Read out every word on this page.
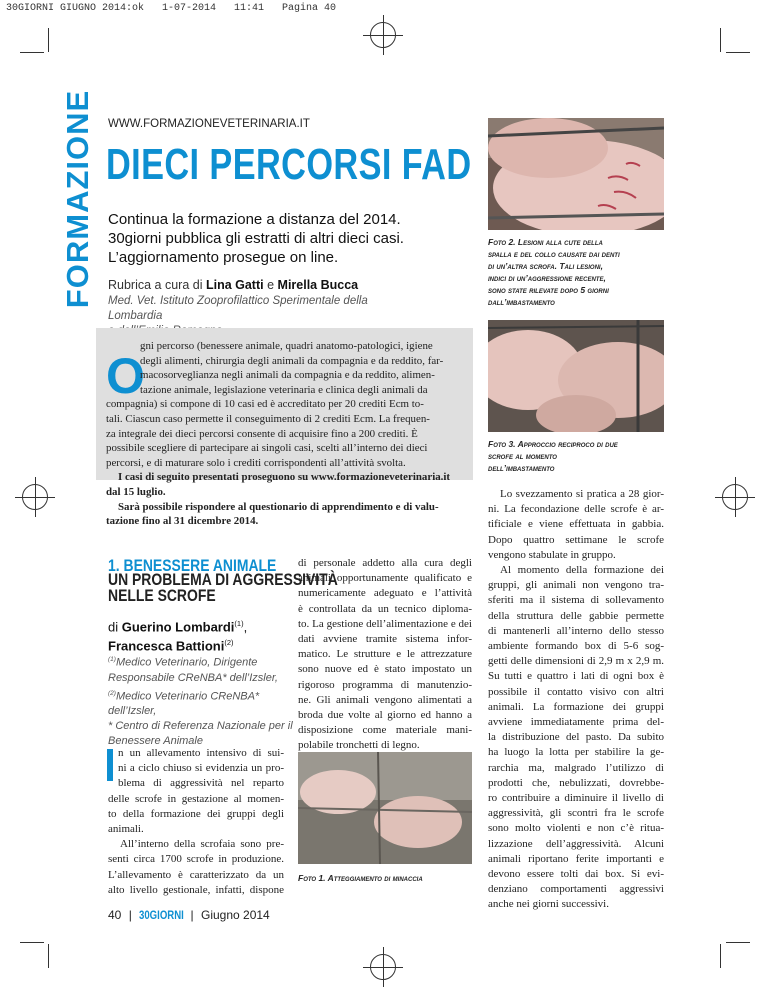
30GIORNI GIUGNO 2014:ok   1-07-2014   11:41   Pagina 40
FORMAZIONE WWW.FORMAZIONEVETERINARIA.IT
DIECI PERCORSI FAD
Continua la formazione a distanza del 2014.
30giorni pubblica gli estratti di altri dieci casi.
L’aggiornamento prosegue on line.
Rubrica a cura di Lina Gatti e Mirella Bucca
Med. Vet. Istituto Zooprofilattico Sperimentale della Lombardia
O
gni percorso (benessere animale, quadri anatomo-patologici, igiene
degli alimenti, chirurgia degli animali da compagnia e da reddito, far-
macosorveglianza negli animali da compagnia e da reddito, alimen-
tazione animale, legislazione veterinaria e clinica degli animali da
compagnia) si compone di 10 casi ed è accreditato per 20 crediti Ecm to-
tali. Ciascun caso permette il conseguimento di 2 crediti Ecm. La frequen-
za integrale dei dieci percorsi consente di acquisire fino a 200 crediti. È
possibile scegliere di partecipare ai singoli casi, scelti all’interno dei dieci
percorsi, e di maturare solo i crediti corrispondenti all’attività svolta.
I casi di seguito presentati proseguono su www.formazioneveterinaria.it
dal 15 luglio.
Sarà possibile rispondere al questionario di apprendimento e di valu-
tazione fino al 31 dicembre 2014.
Foto 2. Lesioni alla cute della
spalla e del collo causate dai denti
di un’altra scrofa. Tali lesioni,
indici di un’aggressione recente,
sono state rilevate dopo 5 giorni
dall’imbastamento
Foto 3. Approccio reciproco di due
scrofe al momento
dell’imbastamento
1. BENESSERE ANIMALE
UN PROBLEMA DI AGGRESSIVITÀ
NELLE SCROFE
di Guerino Lombardi$^{(1)}$,
Francesca Battioni$^{(2)}$
$^{(1)}$Medico Veterinario, Dirigente
Responsabile CReNBA* dell’Izsler,
$^{(2)}$Medico Veterinario CReNBA*
dell’Izsler,
* Centro di Referenza Nazionale per il
Benessere Animale
n un allevamento intensivo di sui-
ni a ciclo chiuso si evidenzia un pro-
blema di aggressività nel reparto
delle scrofe in gestazione al momen-
to della formazione dei gruppi degli
animali.
All’interno della scrofaia sono pre-
senti circa 1700 scrofe in produzione.
L’allevamento è caratterizzato da un
alto livello gestionale, infatti, dispone
di personale addetto alla cura degli
animali opportunamente qualificato e
numericamente adeguato e l’attività
è controllata da un tecnico diploma-
to. La gestione dell’alimentazione e dei
dati avviene tramite sistema infor-
matico. Le strutture e le attrezzature
sono nuove ed è stato impostato un
rigoroso programma di manutenzio-
ne. Gli animali vengono alimentati a
broda due volte al giorno ed hanno a
disposizione come materiale mani-
polabile tronchetti di legno.
Foto 1. Atteggiamento di minaccia
Lo svezzamento si pratica a 28 gior-
ni. La fecondazione delle scrofe è ar-
tificiale e viene effettuata in gabbia.
Dopo quattro settimane le scrofe
vengono stabulate in gruppo.
Al momento della formazione dei
gruppi, gli animali non vengono tra-
sferiti ma il sistema di sollevamento
della struttura delle gabbie permette
di mantenerli all’interno dello stesso
ambiente formando box di 5-6 sog-
getti delle dimensioni di 2,9 m x 2,9 m.
Su tutti e quattro i lati di ogni box è
possibile il contatto visivo con altri
animali. La formazione dei gruppi
avviene immediatamente prima del-
la distribuzione del pasto. Da subito
ha luogo la lotta per stabilire la ge-
rarchia ma, malgrado l’utilizzo di
prodotti che, nebulizzati, dovrebbe-
ro contribuire a diminuire il livello di
aggressività, gli scontri fra le scrofe
sono molto violenti e non c’è ritua-
lizzazione dell’aggressività. Alcuni
animali riportano ferite importanti e
devono essere tolti dai box. Si evi-
denziano comportamenti aggressivi
anche nei giorni successivi.
40 | 30GIORNI | Giugno 2014
